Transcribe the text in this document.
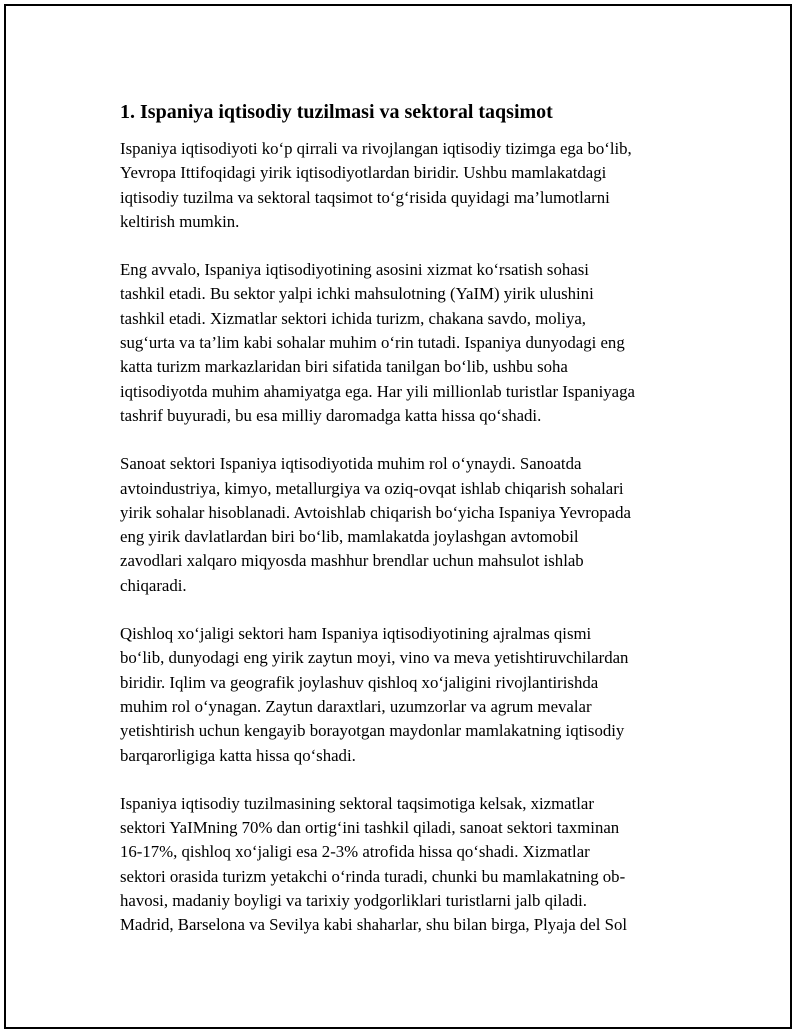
1. Ispaniya iqtisodiy tuzilmasi va sektoral taqsimot

Ispaniya iqtisodiyoti ko‘p qirrali va rivojlangan iqtisodiy tizimga ega bo‘lib,
Yevropa Ittifoqidagi yirik iqtisodiyotlardan biridir. Ushbu mamlakatdagi
iqtisodiy tuzilma va sektoral taqsimot to‘g‘risida quyidagi ma’lumotlarni
keltirish mumkin.

Eng avvalo, Ispaniya iqtisodiyotining asosini xizmat ko‘rsatish sohasi
tashkil etadi. Bu sektor yalpi ichki mahsulotning (YaIM) yirik ulushini
tashkil etadi. Xizmatlar sektori ichida turizm, chakana savdo, moliya,
sug‘urta va ta’lim kabi sohalar muhim o‘rin tutadi. Ispaniya dunyodagi eng
katta turizm markazlaridan biri sifatida tanilgan bo‘lib, ushbu soha
iqtisodiyotda muhim ahamiyatga ega. Har yili millionlab turistlar Ispaniyaga
tashrif buyuradi, bu esa milliy daromadga katta hissa qo‘shadi.

Sanoat sektori Ispaniya iqtisodiyotida muhim rol o‘ynaydi. Sanoatda
avtoindustriya, kimyo, metallurgiya va oziq-ovqat ishlab chiqarish sohalari
yirik sohalar hisoblanadi. Avtoishlab chiqarish bo‘yicha Ispaniya Yevropada
eng yirik davlatlardan biri bo‘lib, mamlakatda joylashgan avtomobil
zavodlari xalqaro miqyosda mashhur brendlar uchun mahsulot ishlab
chiqaradi.

Qishloq xo‘jaligi sektori ham Ispaniya iqtisodiyotining ajralmas qismi
bo‘lib, dunyodagi eng yirik zaytun moyi, vino va meva yetishtiruvchilardan
biridir. Iqlim va geografik joylashuv qishloq xo‘jaligini rivojlantirishda
muhim rol o‘ynagan. Zaytun daraxtlari, uzumzorlar va agrum mevalar
yetishtirish uchun kengayib borayotgan maydonlar mamlakatning iqtisodiy
barqarorligiga katta hissa qo‘shadi.

Ispaniya iqtisodiy tuzilmasining sektoral taqsimotiga kelsak, xizmatlar
sektori YaIMning 70% dan ortig‘ini tashkil qiladi, sanoat sektori taxminan
16-17%, qishloq xo‘jaligi esa 2-3% atrofida hissa qo‘shadi. Xizmatlar
sektori orasida turizm yetakchi o‘rinda turadi, chunki bu mamlakatning ob-
havosi, madaniy boyligi va tarixiy yodgorliklari turistlarni jalb qiladi.
Madrid, Barselona va Sevilya kabi shaharlar, shu bilan birga, Plyaja del Sol
